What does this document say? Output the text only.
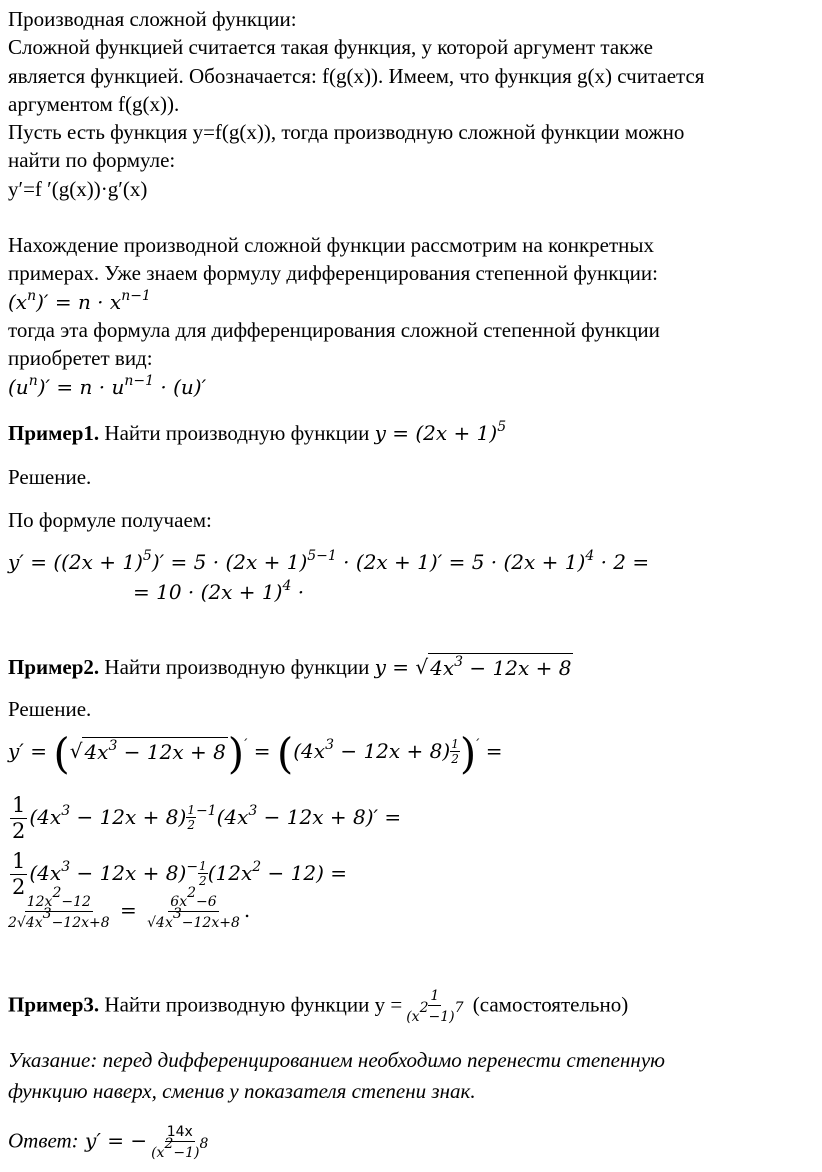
Производная сложной функции:
Сложной функцией считается такая функция, у которой аргумент также
является функцией. Обозначается: f(g(x)). Имеем, что функция g(x) считается
аргументом f(g(x)).
Пусть есть функция y=f(g(x)), тогда производную сложной функции можно
найти по формуле:
y′=f ′(g(x))·g′(x)
Нахождение производной сложной функции рассмотрим на конкретных
примерах. Уже знаем формулу дифференцирования степенной функции:
$(x^n)' = n \cdot x^{n-1}$
тогда эта формула для дифференцирования сложной степенной функции
приобретет вид:
$(u^n)' = n \cdot u^{n-1} \cdot (u)'$
Пример1. Найти производную функции $y = (2x + 1)^5$
Решение.
По формуле получаем:
$y' = ((2x + 1)^5)' = 5 \cdot (2x + 1)^{5-1} \cdot (2x + 1)' = 5 \cdot (2x + 1)^4 \cdot 2$ =
= $10 \cdot (2x + 1)^4$ ·
Пример2. Найти производную функции y = √ $4x^3 - 12x + 8$
Решение.
y′ = ( √ $4x^3 - 12x + 8$ )$' = ((4x^3 - 12x + 8) \frac{1}{2} )'$ =
$\frac{1}{2} (4x^3 - 12x + 8) \frac{1}{2} ^{-1}(4x^3 - 12x + 8)'$ =
$\frac{1}{2} (4x^3 - 12x + 8)^- \frac{1}{2} (12x^2 - 12)$ =
$\frac{12x^2-12}{2√4x^3-12x+8} = \frac{6x^2-6}{√4x^3-12x+8}$ .
Пример3. Найти производную функции $у = \frac{1}{(x^2-1)^7}$ (самостоятельно)
Указание: перед дифференцированием необходимо перенести степенную
функцию наверх, сменив у показателя степени знак.
Ответ: y′ = − $\frac{14x}{(x^2-1)^8}$
